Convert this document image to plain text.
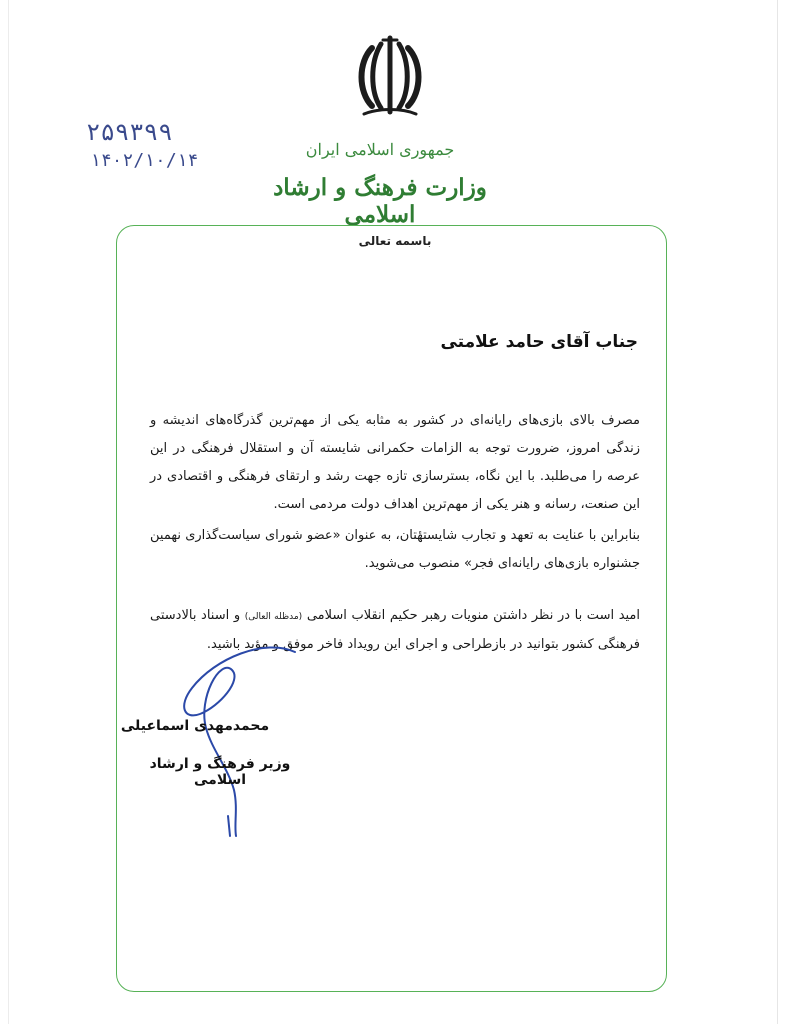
۲۵۹۳۹۹
۱۴۰۲/۱۰/۱۴
جمهوری اسلامی ایران
وزارت فرهنگ و ارشاد اسلامی
باسمه تعالی
جناب آقای حامد علامتی
مصرف بالای بازی‌های رایانه‌ای در کشور به مثابه یکی از مهم‌ترین گذرگاه‌های اندیشه و زندگی امروز، ضرورت توجه به الزامات حکمرانی شایسته آن و استقلال فرهنگی در این عرصه را می‌طلبد. با این نگاه، بسترسازی تازه جهت رشد و ارتقای فرهنگی و اقتصادی در این صنعت، رسانه و هنر یکی از مهم‌ترین اهداف دولت مردمی است.
بنابراین با عنایت به تعهد و تجارب شایستهٔتان، به عنوان «عضو شورای سیاست‌گذاری نهمین جشنواره بازی‌های رایانه‌ای فجر» منصوب می‌شوید.
امید است با در نظر داشتن منویات رهبر حکیم انقلاب اسلامی (مدظله العالی) و اسناد بالادستی فرهنگی کشور بتوانید در بازطراحی و اجرای این رویداد فاخر موفق و مؤید باشید.
محمدمهدی اسماعیلی
وزیر فرهنگ و ارشاد اسلامی
